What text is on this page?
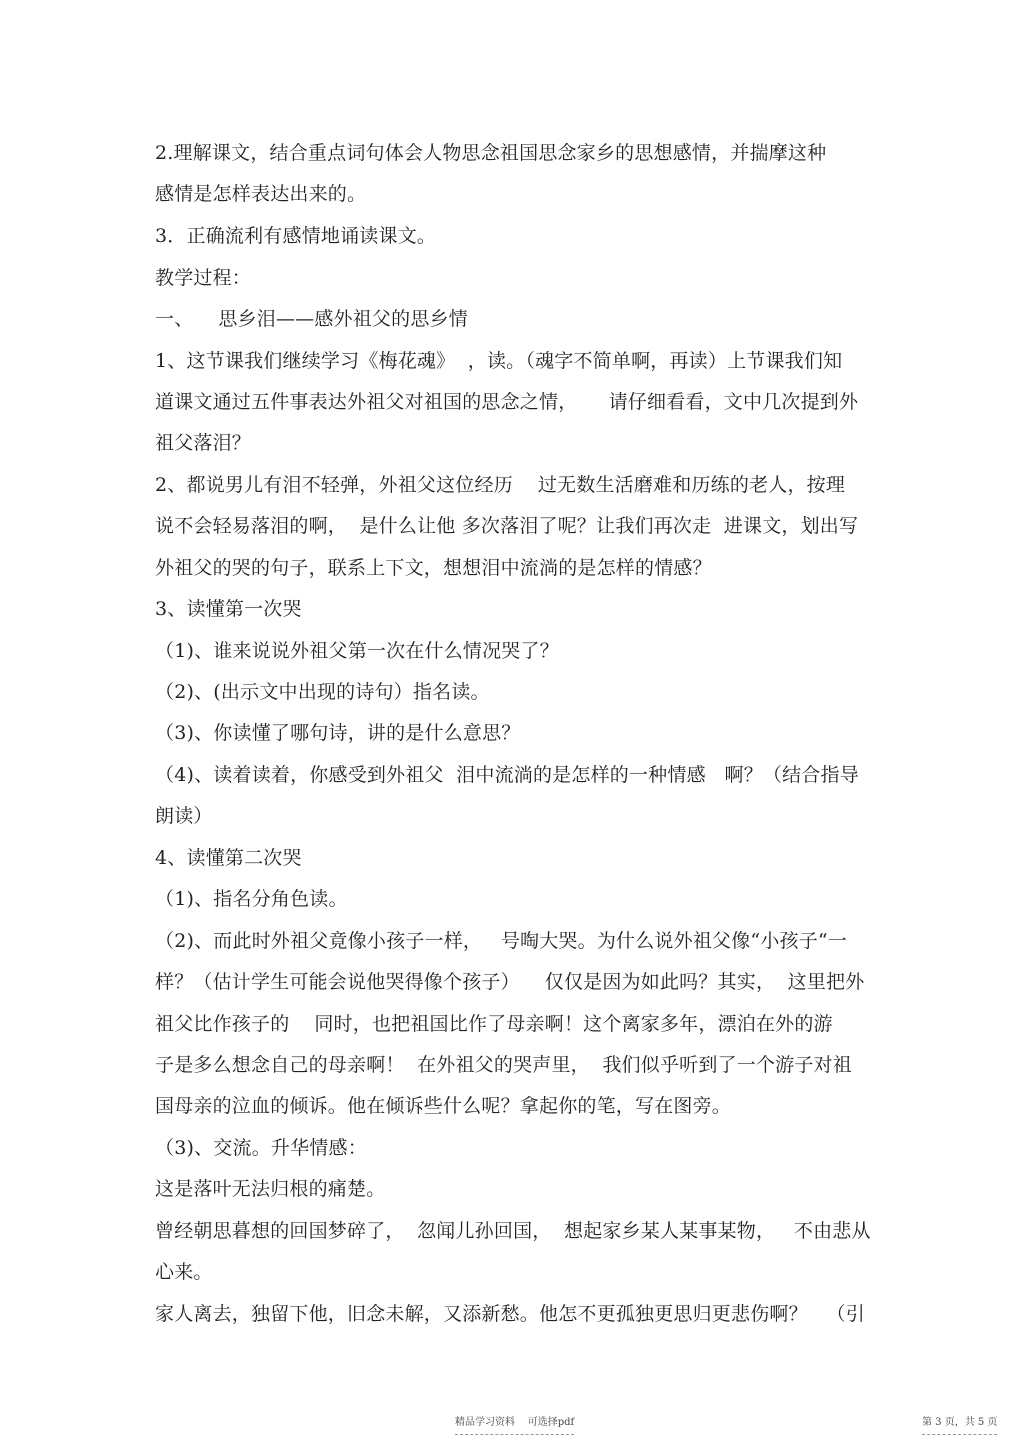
2.理解课文，结合重点词句体会人物思念祖国思念家乡的思想感情，并揣摩这种
感情是怎样表达出来的。
3．正确流利有感情地诵读课文。
教学过程：
一、    思乡泪——感外祖父的思乡情
1、这节课我们继续学习《梅花魂》  ，读。（魂字不简单啊，再读）上节课我们知
道课文通过五件事表达外祖父对祖国的思念之情，     请仔细看看，文中几次提到外
祖父落泪？
2、都说男儿有泪不轻弹，外祖父这位经历    过无数生活磨难和历练的老人，按理
说不会轻易落泪的啊，  是什么让他 多次落泪了呢？让我们再次走  进课文，划出写
外祖父的哭的句子，联系上下文，想想泪中流淌的是怎样的情感？
3、读懂第一次哭
（1)、谁来说说外祖父第一次在什么情况哭了？
（2)、(出示文中出现的诗句）指名读。
（3)、你读懂了哪句诗，讲的是什么意思？
（4)、读着读着，你感受到外祖父  泪中流淌的是怎样的一种情感   啊？（结合指导
朗读）
4、读懂第二次哭
（1)、指名分角色读。
（2)、而此时外祖父竟像小孩子一样，   号啕大哭。为什么说外祖父像“小孩子“一
样？（估计学生可能会说他哭得像个孩子）    仅仅是因为如此吗？其实，  这里把外
祖父比作孩子的    同时，也把祖国比作了母亲啊！这个离家多年，漂泊在外的游
子是多么想念自己的母亲啊！  在外祖父的哭声里，  我们似乎听到了一个游子对祖
国母亲的泣血的倾诉。他在倾诉些什么呢？拿起你的笔，写在图旁。
（3)、交流。升华情感：
这是落叶无法归根的痛楚。
曾经朝思暮想的回国梦碎了，  忽闻儿孙回国，  想起家乡某人某事某物，   不由悲从
心来。
家人离去，独留下他，旧念未解，又添新愁。他怎不更孤独更思归更悲伤啊？   （引
精品学习资料    可选择pdf	第 3 页，共 5 页
